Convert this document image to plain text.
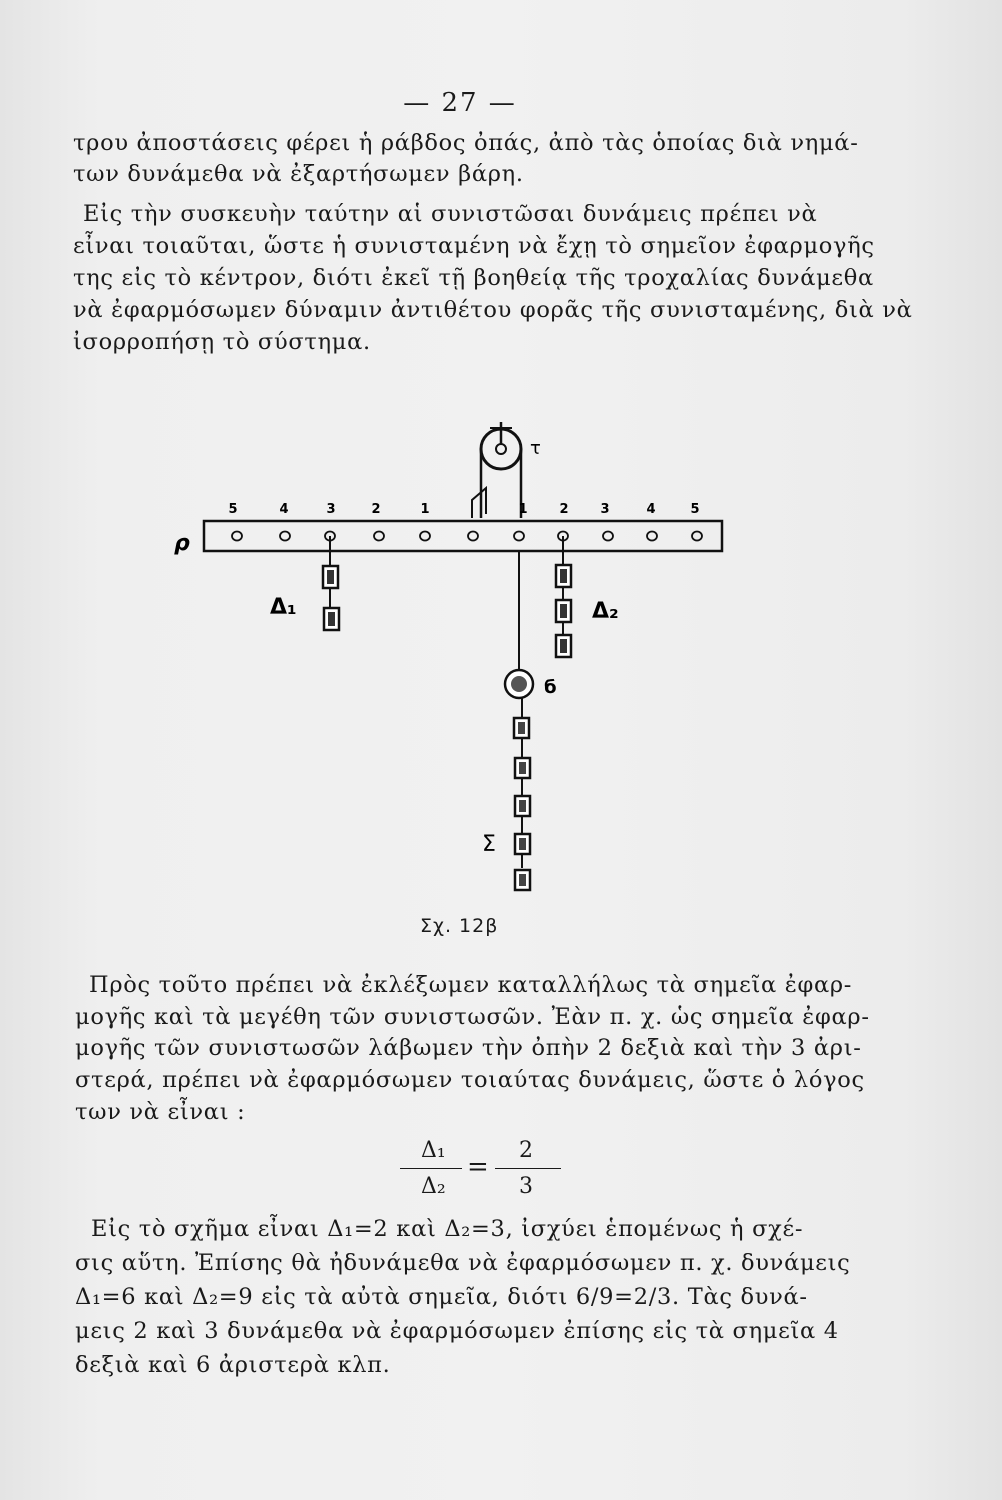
— 27 —
τρου ἀποστάσεις φέρει ἡ ράβδος ὀπάς, ἀπὸ τὰς ὁποίας διὰ νημά-
των δυνάμεθα νὰ ἐξαρτήσωμεν βάρη.
Εἰς τὴν συσκευὴν ταύτην αἱ συνιστῶσαι δυνάμεις πρέπει νὰ
εἶναι τοιαῦται, ὥστε ἡ συνισταμένη νὰ ἔχῃ τὸ σημεῖον ἐφαρμογῆς
της εἰς τὸ κέντρον, διότι ἐκεῖ τῇ βοηθείᾳ τῆς τροχαλίας δυνάμεθα
νὰ ἐφαρμόσωμεν δύναμιν ἀντιθέτου φορᾶς τῆς συνισταμένης, διὰ νὰ
ἰσορροπήσῃ τὸ σύστημα.
τ
5	4	3	2	1	1 2 3	4	5
ρ
Δ₁	Δ₂
б
Σ
Σχ. 12β
Πρὸς τοῦτο πρέπει νὰ ἐκλέξωμεν καταλλήλως τὰ σημεῖα ἐφαρ-
μογῆς καὶ τὰ μεγέθη τῶν συνιστωσῶν. Ἐὰν π. χ. ὡς σημεῖα ἐφαρ-
μογῆς τῶν συνιστωσῶν λάβωμεν τὴν ὀπὴν 2 δεξιὰ καὶ τὴν 3 ἀρι-
στερά, πρέπει νὰ ἐφαρμόσωμεν τοιαύτας δυνάμεις, ὥστε ὁ λόγος
των νὰ εἶναι :
Δ₁
Δ₂
=
2
3
Εἰς τὸ σχῆμα εἶναι Δ₁=2 καὶ Δ₂=3, ἰσχύει ἑπομένως ἡ σχέ-
σις αὕτη. Ἐπίσης θὰ ἠδυνάμεθα νὰ ἐφαρμόσωμεν π. χ. δυνάμεις
Δ₁=6 καὶ Δ₂=9 εἰς τὰ αὐτὰ σημεῖα, διότι 6/9=2/3. Τὰς δυνά-
μεις 2 καὶ 3 δυνάμεθα νὰ ἐφαρμόσωμεν ἐπίσης εἰς τὰ σημεῖα 4
δεξιὰ καὶ 6 ἀριστερὰ κλπ.
